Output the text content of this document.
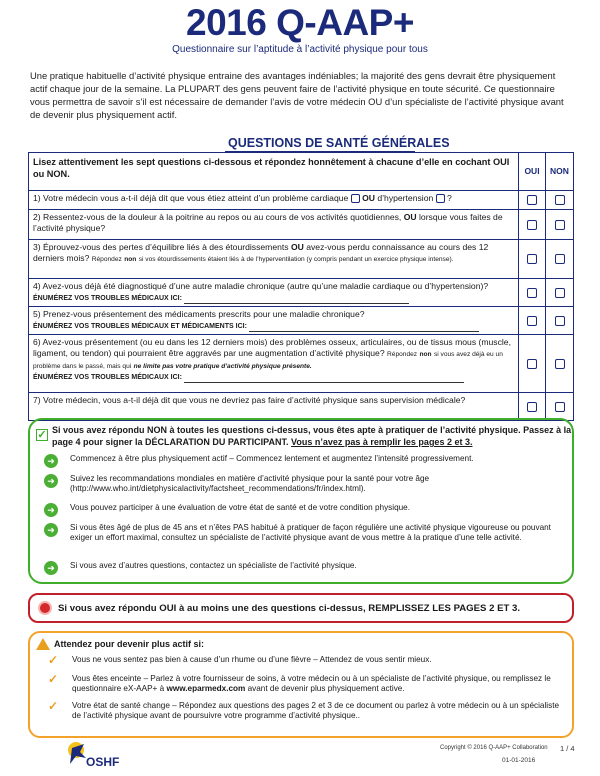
2016 Q-AAP+
Questionnaire sur l’aptitude à l’activité physique pour tous
Une pratique habituelle d’activité physique entraine des avantages indéniables; la majorité des gens devrait être physiquement actif chaque jour de la semaine. La PLUPART des gens peuvent faire de l’activité physique en toute sécurité. Ce questionnaire vous permettra de savoir s’il est nécessaire de demander l’avis de votre médecin OU d’un spécialiste de l’activité physique avant de devenir plus physiquement actif.
QUESTIONS DE SANTÉ GÉNÉRALES
Lisez attentivement les sept questions ci-dessous et répondez honnêtement à chacune d’elle en cochant OUI ou NON.	OUI	NON
1) Votre médecin vous a-t-il déjà dit que vous étiez atteint d’un problème cardiaque OU d’hypertension ?
2) Ressentez-vous de la douleur à la poitrine au repos ou au cours de vos activités quotidiennes, OU lorsque vous faites de l’activité physique?
3) Éprouvez-vous des pertes d’équilibre liés à des étourdissements OU avez-vous perdu connaissance au cours des 12 derniers mois? Répondez non si vos étourdissements étaient liés à de l’hyperventilation (y compris pendant un exercice physique intense).
4) Avez-vous déjà été diagnostiqué d’une autre maladie chronique (autre qu’une maladie cardiaque ou d’hypertension)? ÉNUMÉREZ VOS TROUBLES MÉDICAUX ICI:
5) Prenez-vous présentement des médicaments prescrits pour une maladie chronique?
ÉNUMÉREZ VOS TROUBLES MÉDICAUX ET MÉDICAMENTS ICI:
6) Avez-vous présentement (ou eu dans les 12 derniers mois) des problèmes osseux, articulaires, ou de tissus mous (muscle, ligament, ou tendon) qui pourraient être aggravés par une augmentation d’activité physique? Répondez non si vous avez déjà eu un problème dans le passé, mais qui ne limite pas votre pratique d’activité physique présente.
ÉNUMÉREZ VOS TROUBLES MÉDICAUX ICI:
7) Votre médecin, vous a-t-il déjà dit que vous ne devriez pas faire d’activité physique sans supervision médicale?
✓ Si vous avez répondu NON à toutes les questions ci-dessus, vous êtes apte à pratiquer de l’activité physique. Passez à la page 4 pour signer la DÉCLARATION DU PARTICIPANT. Vous n’avez pas à remplir les pages 2 et 3.
➜	Commencez à être plus physiquement actif – Commencez lentement et augmentez l’intensité progressivement.
➜	Suivez les recommandations mondiales en matière d’activité physique pour la santé pour votre âge (http://www.who.int/dietphysicalactivity/factsheet_recommendations/fr/index.html).
➜	Vous pouvez participer à une évaluation de votre état de santé et de votre condition physique.
➜	Si vous êtes âgé de plus de 45 ans et n’êtes PAS habitué à pratiquer de façon régulière une activité physique vigoureuse ou pouvant exiger un effort maximal, consultez un spécialiste de l’activité physique avant de vous mettre à la pratique d’une telle activité.
➜	Si vous avez d’autres questions, contactez un spécialiste de l’activité physique.
Si vous avez répondu OUI à au moins une des questions ci-dessus, REMPLISSEZ LES PAGES 2 ET 3.
Attendez pour devenir plus actif si:
✓	Vous ne vous sentez pas bien à cause d’un rhume ou d’une fièvre – Attendez de vous sentir mieux.
✓	Vous êtes enceinte – Parlez à votre fournisseur de soins, à votre médecin ou à un spécialiste de l’activité physique, ou remplissez le questionnaire eX-AAP+ à www.eparmedx.com avant de devenir plus physiquement active.
✓	Votre état de santé change – Répondez aux questions des pages 2 et 3 de ce document ou parlez à votre médecin ou à un spécialiste de l’activité physique avant de poursuivre votre programme d’activité physique..
OSHF
Copyright © 2016 Q-AAP+ Collaboration
01-01-2016
1 / 4
